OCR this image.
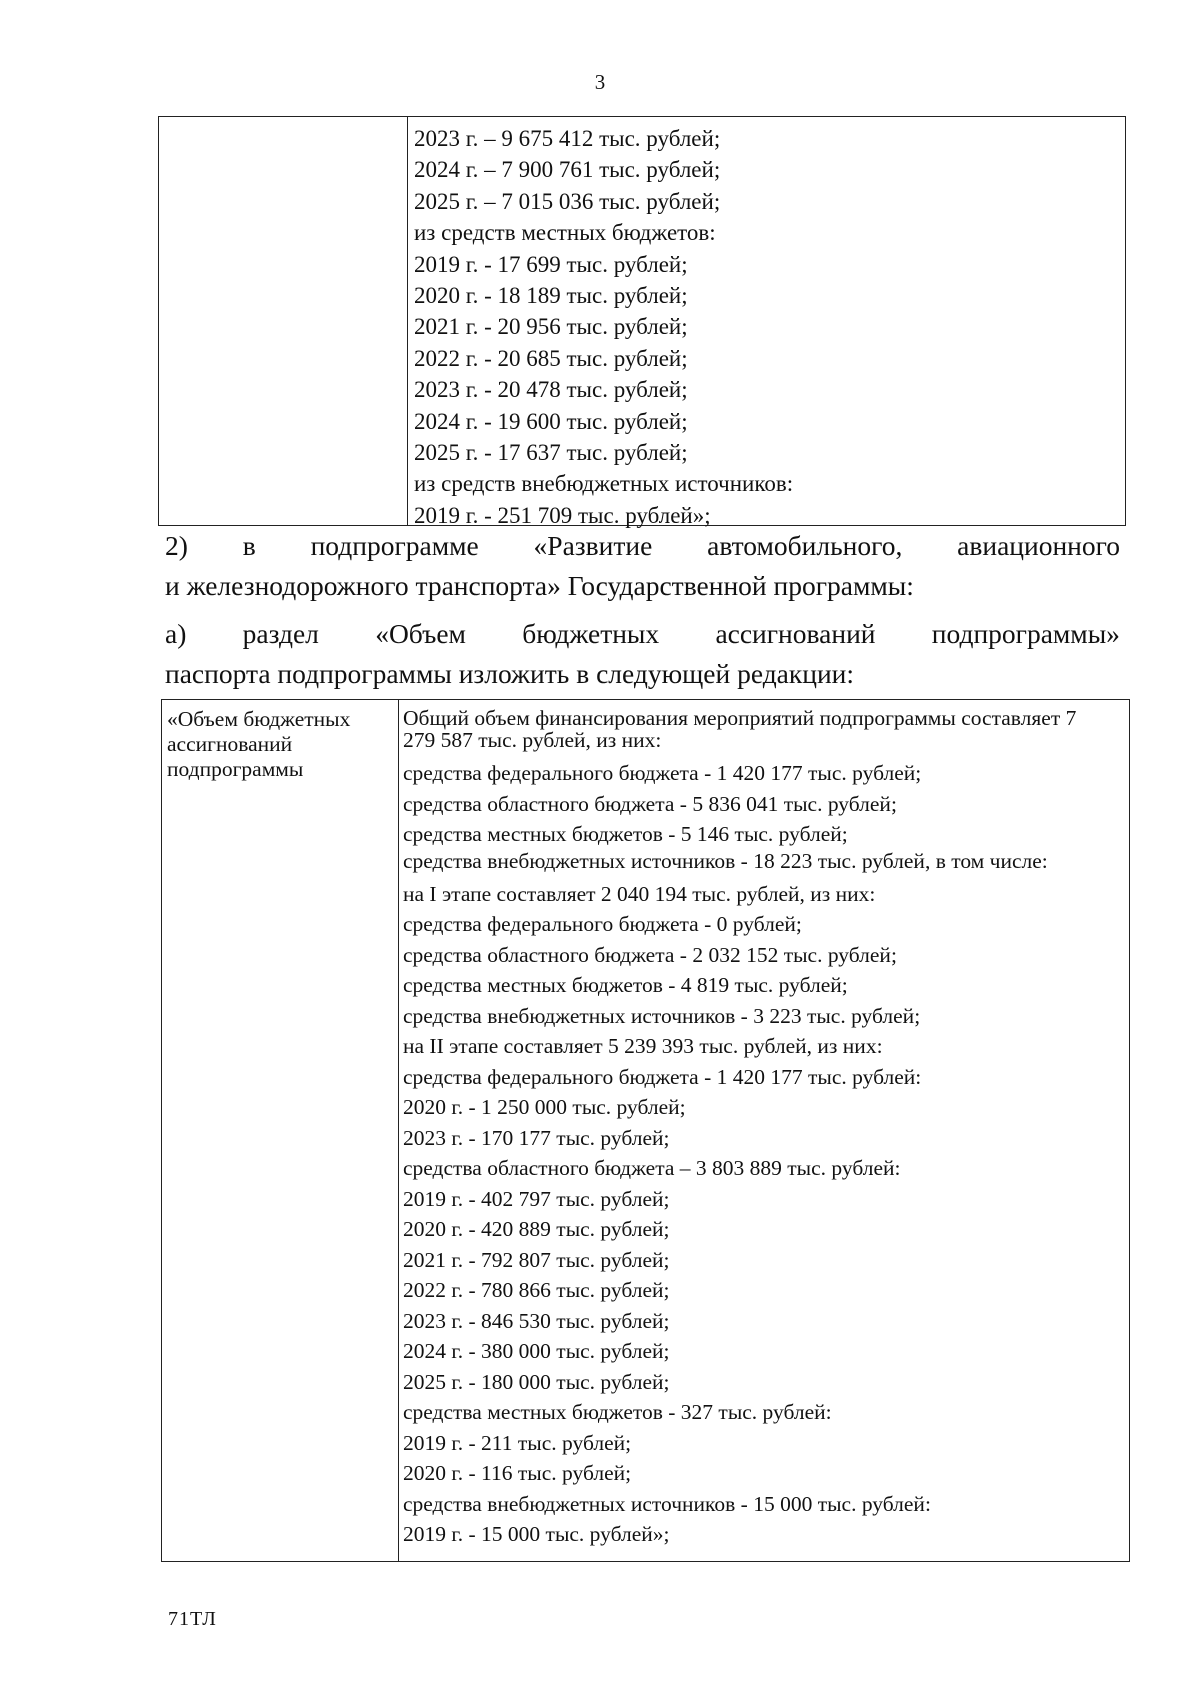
3
2023 г. – 9 675 412 тыс. рублей;
2024 г. – 7 900 761 тыс. рублей;
2025 г. – 7 015 036 тыс. рублей;
из средств местных бюджетов:
2019 г. - 17 699 тыс. рублей;
2020 г. - 18 189 тыс. рублей;
2021 г. - 20 956 тыс. рублей;
2022 г. - 20 685 тыс. рублей;
2023 г. - 20 478 тыс. рублей;
2024 г. - 19 600 тыс. рублей;
2025 г. - 17 637 тыс. рублей;
из средств внебюджетных источников:
2019 г. - 251 709 тыс. рублей»;
2) в подпрограмме «Развитие автомобильного, авиационного
и железнодорожного транспорта» Государственной программы:
а) раздел «Объем бюджетных ассигнований подпрограммы»
паспорта подпрограммы изложить в следующей редакции:
«Объем бюджетных ассигнований подпрограммы
Общий объем финансирования мероприятий подпрограммы составляет 7 279 587 тыс. рублей, из них:
средства федерального бюджета - 1 420 177 тыс. рублей;
средства областного бюджета - 5 836 041 тыс. рублей;
средства местных бюджетов - 5 146 тыс. рублей;
средства внебюджетных источников - 18 223 тыс. рублей, в том числе:
на I этапе составляет 2 040 194 тыс. рублей, из них:
средства федерального бюджета - 0 рублей;
средства областного бюджета - 2 032 152 тыс. рублей;
средства местных бюджетов - 4 819 тыс. рублей;
средства внебюджетных источников - 3 223 тыс. рублей;
на II этапе составляет 5 239 393 тыс. рублей, из них:
средства федерального бюджета - 1 420 177 тыс. рублей:
2020 г. - 1 250 000 тыс. рублей;
2023 г. - 170 177 тыс. рублей;
средства областного бюджета – 3 803 889 тыс. рублей:
2019 г. - 402 797 тыс. рублей;
2020 г. - 420 889 тыс. рублей;
2021 г. - 792 807 тыс. рублей;
2022 г. - 780 866 тыс. рублей;
2023 г. - 846 530 тыс. рублей;
2024 г. - 380 000 тыс. рублей;
2025 г. - 180 000 тыс. рублей;
средства местных бюджетов - 327 тыс. рублей:
2019 г. - 211 тыс. рублей;
2020 г. - 116 тыс. рублей;
средства внебюджетных источников - 15 000 тыс. рублей:
2019 г. - 15 000 тыс. рублей»;
71ТЛ
